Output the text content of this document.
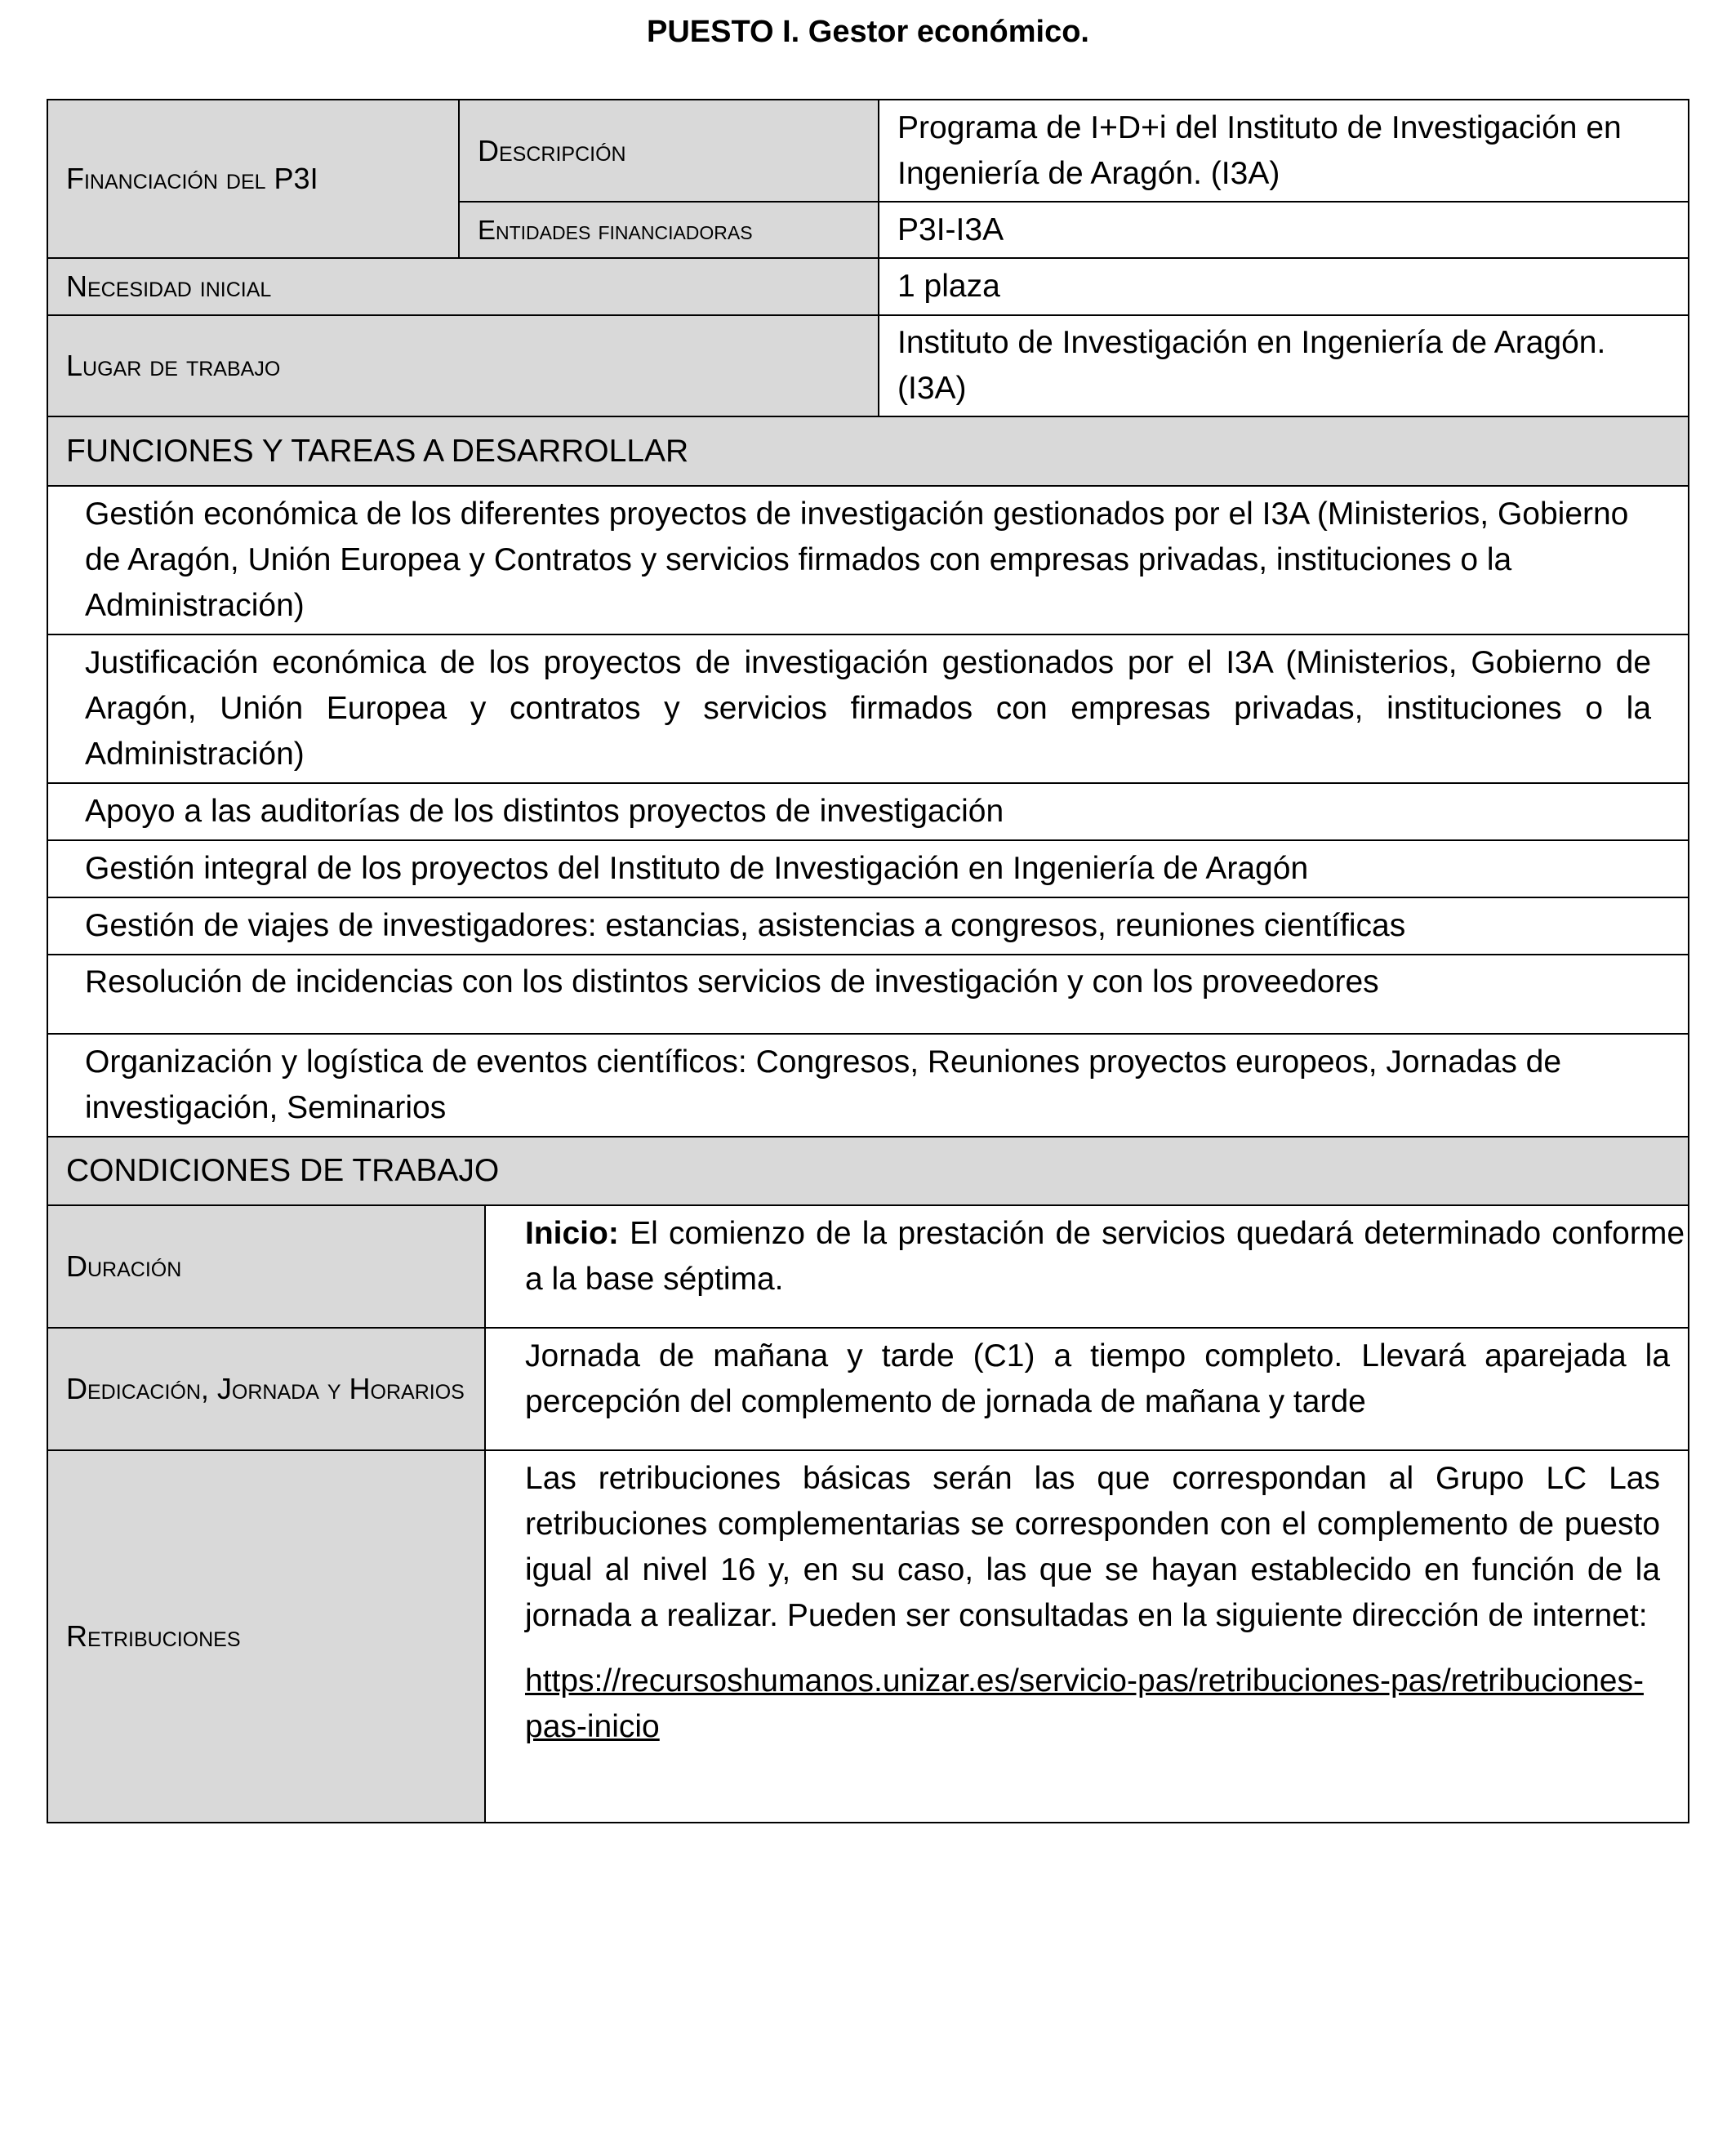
PUESTO I. Gestor económico.
Financiación del P3I	Descripción		Programa de I+D+i del Instituto de Investigación en Ingeniería de Aragón. (I3A)
	Entidades financiadoras		P3I-I3A
Necesidad inicial			1 plaza
Lugar de trabajo			Instituto de Investigación en Ingeniería de Aragón. (I3A)
FUNCIONES Y TAREAS A DESARROLLAR			
Gestión económica de los diferentes proyectos de investigación gestionados por el I3A (Ministerios, Gobierno de Aragón, Unión Europea y Contratos y servicios firmados con empresas privadas, instituciones o la Administración)			
Justificación económica de los proyectos de investigación gestionados por el I3A (Ministerios, Gobierno de Aragón, Unión Europea y contratos y servicios firmados con empresas privadas, instituciones o la Administración)			
Apoyo a las auditorías de los distintos proyectos de investigación			
Gestión integral de los proyectos del Instituto de Investigación en Ingeniería de Aragón			
Gestión de viajes de investigadores: estancias, asistencias a congresos, reuniones científicas			
Resolución de incidencias con los distintos servicios de investigación y con los proveedores			
Organización y logística de eventos científicos: Congresos, Reuniones proyectos europeos, Jornadas de investigación, Seminarios			
CONDICIONES DE TRABAJO			
Duración		Inicio: El comienzo de la prestación de servicios quedará determinado conforme a la base séptima.	
Dedicación, Jornada y Horarios		Jornada de mañana y tarde (C1) a tiempo completo. Llevará aparejada la percepción del complemento de jornada de mañana y tarde	
Retribuciones		Las retribuciones básicas serán las que correspondan al Grupo LC Las retribuciones complementarias se corresponden con el complemento de puesto igual al nivel 16 y, en su caso, las que se hayan establecido en función de la jornada a realizar. Pueden ser consultadas en la siguiente dirección de internet:

https://recursoshumanos.unizar.es/servicio-pas/retribuciones-pas/retribuciones-pas-inicio	
